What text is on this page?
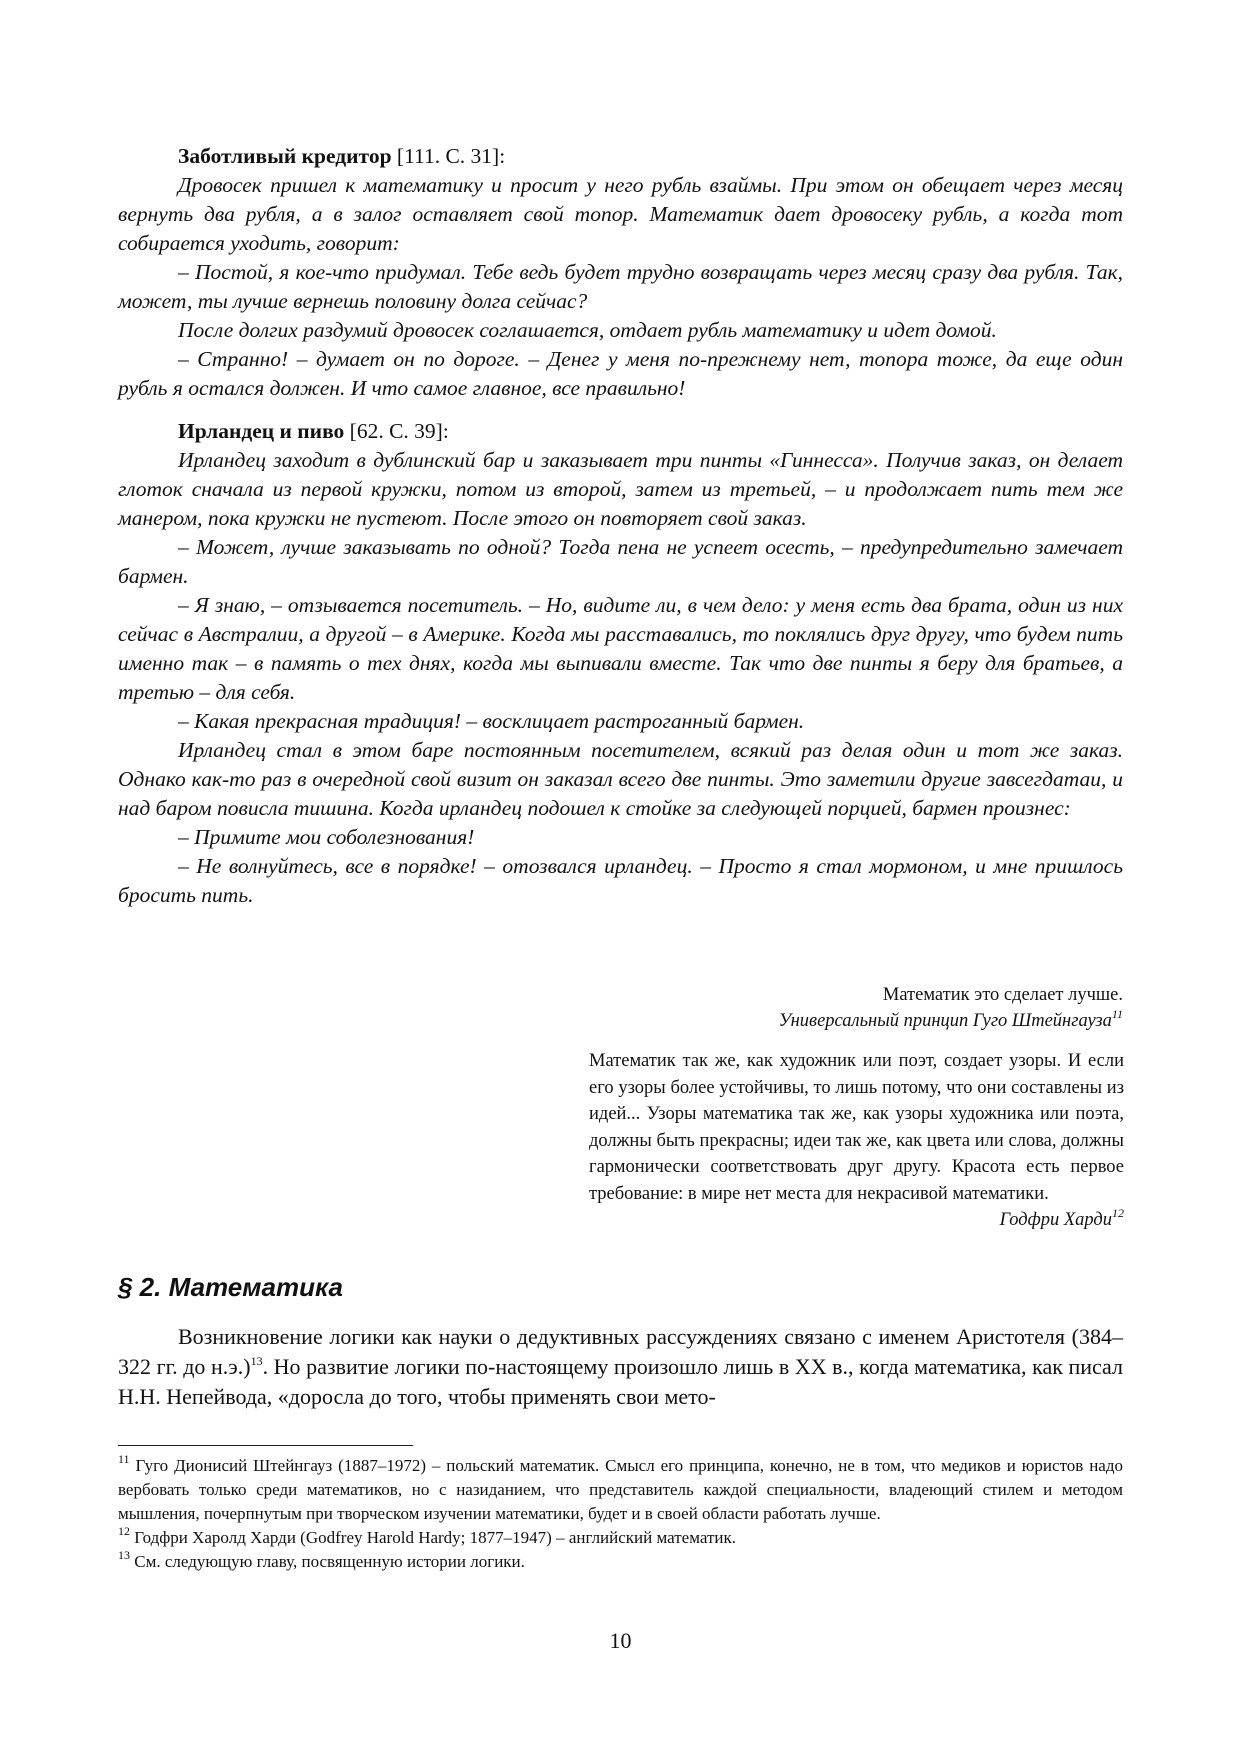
Заботливый кредитор [111. С. 31]:

Дровосек пришел к математику и просит у него рубль взаймы. При этом он обещает через месяц вернуть два рубля, а в залог оставляет свой топор. Математик дает дровосеку рубль, а когда тот собирается уходить, говорит:

– Постой, я кое-что придумал. Тебе ведь будет трудно возвращать через месяц сразу два рубля. Так, может, ты лучше вернешь половину долга сейчас?

После долгих раздумий дровосек соглашается, отдает рубль математику и идет домой.

– Странно! – думает он по дороге. – Денег у меня по-прежнему нет, топора тоже, да еще один рубль я остался должен. И что самое главное, все правильно!

Ирландец и пиво [62. С. 39]:

Ирландец заходит в дублинский бар и заказывает три пинты «Гиннесса». Получив заказ, он делает глоток сначала из первой кружки, потом из второй, затем из третьей, – и продолжает пить тем же манером, пока кружки не пустеют. После этого он повторяет свой заказ.

– Может, лучше заказывать по одной? Тогда пена не успеет осесть, – предупредительно замечает бармен.

– Я знаю, – отзывается посетитель. – Но, видите ли, в чем дело: у меня есть два брата, один из них сейчас в Австралии, а другой – в Америке. Когда мы расставались, то поклялись друг другу, что будем пить именно так – в память о тех днях, когда мы выпивали вместе. Так что две пинты я беру для братьев, а третью – для себя.

– Какая прекрасная традиция! – восклицает растроганный бармен.

Ирландец стал в этом баре постоянным посетителем, всякий раз делая один и тот же заказ. Однако как-то раз в очередной свой визит он заказал всего две пинты. Это заметили другие завсегдатаи, и над баром повисла тишина. Когда ирландец подошел к стойке за следующей порцией, бармен произнес:

– Примите мои соболезнования!

– Не волнуйтесь, все в порядке! – отозвался ирландец. – Просто я стал мормоном, и мне пришлось бросить пить.

Математик это сделает лучше.
Универсальный принцип Гуго Штейнгауза$^{11}$
Математик так же, как художник или поэт, создает узоры. И если его узоры более устойчивы, то лишь потому, что они составлены из идей... Узоры математика так же, как узоры художника или поэта, должны быть прекрасны; идеи так же, как цвета или слова, должны гармонически соответствовать друг другу. Красота есть первое требование: в мире нет места для некрасивой математики.
Годфри Харди$^{12}$
§ 2. Математика

Возникновение логики как науки о дедуктивных рассуждениях связано с именем Аристотеля (384–322 гг. до н.э.)$^{13}$. Но развитие логики по-настоящему произошло лишь в XX в., когда математика, как писал Н.Н. Непейвода, «доросла до того, чтобы применять свои мето-

$^{11}$ Гуго Дионисий Штейнгауз (1887–1972) – польский математик. Смысл его принципа, конечно, не в том, что медиков и юристов надо вербовать только среди математиков, но с назиданием, что представитель каждой специальности, владеющий стилем и методом мышления, почерпнутым при творческом изучении математики, будет и в своей области работать лучше.

$^{12}$ Годфри Харолд Харди (Godfrey Harold Hardy; 1877–1947) – английский математик.

$^{13}$ См. следующую главу, посвященную истории логики.

10
